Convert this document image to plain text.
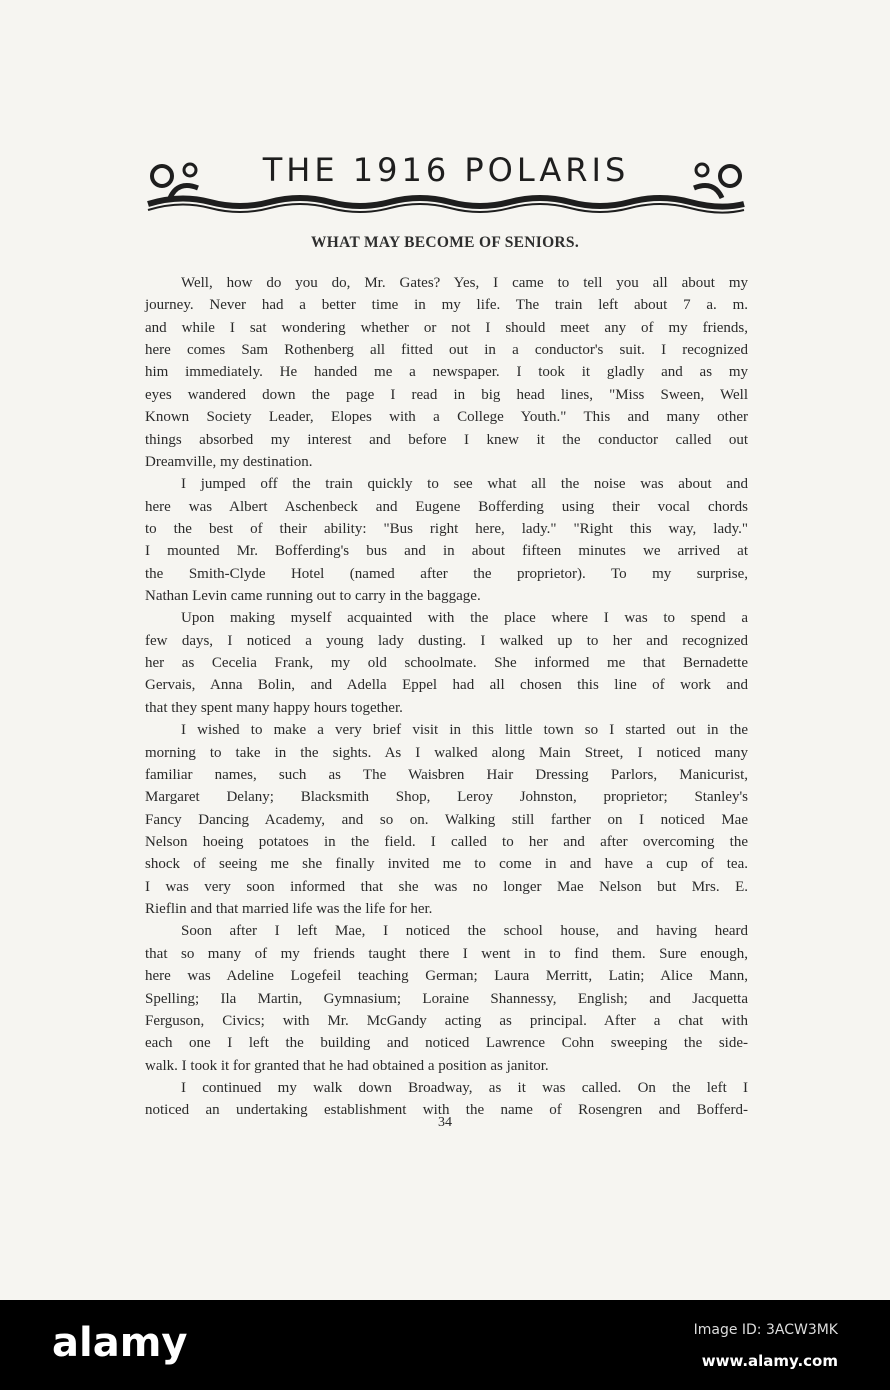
THE 1916 POLARIS
WHAT MAY BECOME OF SENIORS.
Well, how do you do, Mr. Gates? Yes, I came to tell you all about my
journey. Never had a better time in my life. The train left about 7 a. m.
and while I sat wondering whether or not I should meet any of my friends,
here comes Sam Rothenberg all fitted out in a conductor's suit. I recognized
him immediately. He handed me a newspaper. I took it gladly and as my
eyes wandered down the page I read in big head lines, "Miss Sween, Well
Known Society Leader, Elopes with a College Youth." This and many other
things absorbed my interest and before I knew it the conductor called out
Dreamville, my destination.
I jumped off the train quickly to see what all the noise was about and
here was Albert Aschenbeck and Eugene Bofferding using their vocal chords
to the best of their ability: "Bus right here, lady." "Right this way, lady."
I mounted Mr. Bofferding's bus and in about fifteen minutes we arrived at
the Smith-Clyde Hotel (named after the proprietor). To my surprise,
Nathan Levin came running out to carry in the baggage.
Upon making myself acquainted with the place where I was to spend a
few days, I noticed a young lady dusting. I walked up to her and recognized
her as Cecelia Frank, my old schoolmate. She informed me that Bernadette
Gervais, Anna Bolin, and Adella Eppel had all chosen this line of work and
that they spent many happy hours together.
I wished to make a very brief visit in this little town so I started out in the
morning to take in the sights. As I walked along Main Street, I noticed many
familiar names, such as The Waisbren Hair Dressing Parlors, Manicurist,
Margaret Delany; Blacksmith Shop, Leroy Johnston, proprietor; Stanley's
Fancy Dancing Academy, and so on. Walking still farther on I noticed Mae
Nelson hoeing potatoes in the field. I called to her and after overcoming the
shock of seeing me she finally invited me to come in and have a cup of tea.
I was very soon informed that she was no longer Mae Nelson but Mrs. E.
Rieflin and that married life was the life for her.
Soon after I left Mae, I noticed the school house, and having heard
that so many of my friends taught there I went in to find them. Sure enough,
here was Adeline Logefeil teaching German; Laura Merritt, Latin; Alice Mann,
Spelling; Ila Martin, Gymnasium; Loraine Shannessy, English; and Jacquetta
Ferguson, Civics; with Mr. McGandy acting as principal. After a chat with
each one I left the building and noticed Lawrence Cohn sweeping the side-
walk. I took it for granted that he had obtained a position as janitor.
I continued my walk down Broadway, as it was called. On the left I
noticed an undertaking establishment with the name of Rosengren and Bofferd-
34
alamy	Image ID: 3ACW3MK
www.alamy.com
